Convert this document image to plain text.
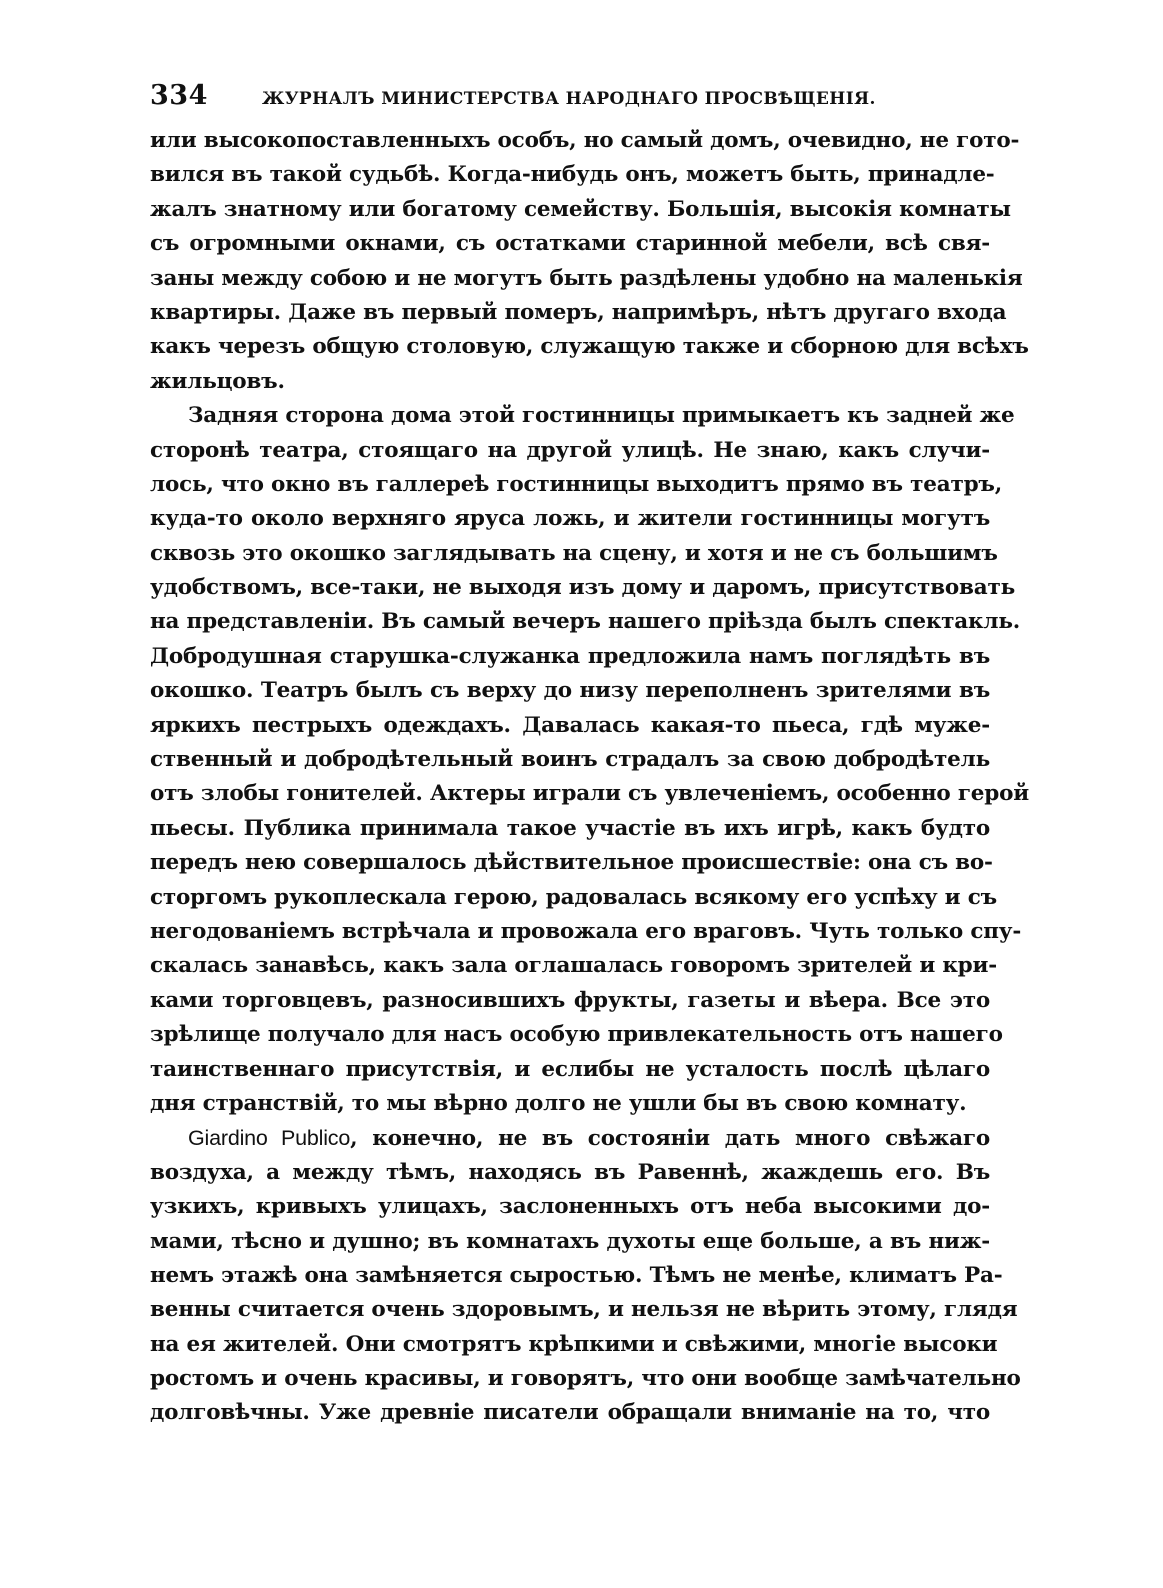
334	ЖУРНАЛЪ МИНИСТЕРСТВА НАРОДНАГО ПРОСВѢЩЕНІЯ.
или высокопоставленныхъ особъ, но самый домъ, очевидно, не гото-
вился въ такой судьбѣ. Когда-нибудь онъ, можетъ быть, принадле-
жалъ знатному или богатому семейству. Большія, высокія комнаты
съ огромными окнами, съ остатками старинной мебели, всѣ свя-
заны между собою и не могутъ быть раздѣлены удобно на маленькія
квартиры. Даже въ первый померъ, напримѣръ, нѣтъ другаго входа
какъ черезъ общую столовую, служащую также и сборною для всѣхъ
жильцовъ.
Задняя сторона дома этой гостинницы примыкаетъ къ задней же
сторонѣ театра, стоящаго на другой улицѣ. Не знаю, какъ случи-
лось, что окно въ галлереѣ гостинницы выходитъ прямо въ театръ,
куда-то около верхняго яруса ложь, и жители гостинницы могутъ
сквозь это окошко заглядывать на сцену, и хотя и не съ большимъ
удобствомъ, все-таки, не выходя изъ дому и даромъ, присутствовать
на представленіи. Въ самый вечеръ нашего пріѣзда былъ спектакль.
Добродушная старушка-служанка предложила намъ поглядѣть въ
окошко. Театръ былъ съ верху до низу переполненъ зрителями въ
яркихъ пестрыхъ одеждахъ. Давалась какая-то пьеса, гдѣ муже-
ственный и добродѣтельный воинъ страдалъ за свою добродѣтель
отъ злобы гонителей. Актеры играли съ увлеченіемъ, особенно герой
пьесы. Публика принимала такое участіе въ ихъ игрѣ, какъ будто
передъ нею совершалось дѣйствительное происшествіе: она съ во-
сторгомъ рукоплескала герою, радовалась всякому его успѣху и съ
негодованіемъ встрѣчала и провожала его враговъ. Чуть только спу-
скалась занавѣсь, какъ зала оглашалась говоромъ зрителей и кри-
ками торговцевъ, разносившихъ фрукты, газеты и вѣера. Все это
зрѣлище получало для насъ особую привлекательность отъ нашего
таинственнаго присутствія, и еслибы не усталость послѣ цѣлаго
дня странствій, то мы вѣрно долго не ушли бы въ свою комнату.
Giardino Publico, конечно, не въ состояніи дать много свѣжаго
воздуха, а между тѣмъ, находясь въ Равеннѣ, жаждешь его. Въ
узкихъ, кривыхъ улицахъ, заслоненныхъ отъ неба высокими до-
мами, тѣсно и душно; въ комнатахъ духоты еще больше, а въ ниж-
немъ этажѣ она замѣняется сыростью. Тѣмъ не менѣе, климатъ Ра-
венны считается очень здоровымъ, и нельзя не вѣрить этому, глядя
на ея жителей. Они смотрятъ крѣпкими и свѣжими, многіе высоки
ростомъ и очень красивы, и говорятъ, что они вообще замѣчательно
долговѣчны. Уже древніе писатели обращали вниманіе на то, что
